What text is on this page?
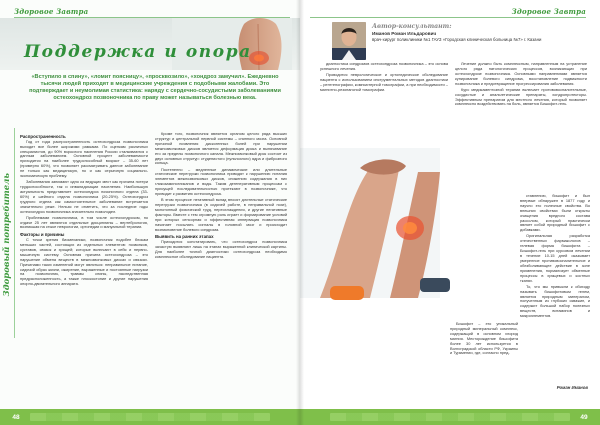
Здоровое Завтра
Поддержка и опора
«Вступило в спину», «ломит поясницу», «просквозило», «хондроз замучил». Ежедневно тысячи людей приходят в медицинские учреждения с подобными жалобами. Это подтверждает и неумолимая статистика: наряду с сердечно-сосудистыми заболеваниями остеохондроз позвоночника по праву может называться болезнью века.
Здоровый потребитель
Распространенность

Год от года распространенность остеохондроза позвоночника выходит все более широкими рамками. По оценкам различных специалистов, до 90% взрослого населения России сталкиваются с данным заболеванием. Основной процент заболеваемости приходится на наиболее трудоспособный возраст – 35-60 лет (примерно 60%), что позволяет рассматривать данное заболевание не только как медицинскую, но и как серьезную социально-экономическую проблему.

Заболевания занимают одно из ведущих мест как причина потери трудоспособности, так и инвалидизации населения. Наибольшую актуальность представляет остеохондроз поясничного отдела (33-60%) и шейного отдела позвоночника (20-25%). Остеохондроз грудного отдела как самостоятельное заболевание встречается значительно реже. Нельзя не отметить, что за последние годы остеохондроз позвоночника значительно помолодел.

Проблемами позвоночника, в том числе остеохондрозом, по отдаче 25 лет являются отдельные дисциплины – вертебрология, возникшая на стыке неврологии, ортопедии и мануальной терапии.

Факторы и причины

С точки зрения биомеханики, позвоночник подобен блокам меньших частей, состоящих из отдельных элементов: позвонков, суставов, связок и хрящей; которые включают в себя и нервно-мышечную систему. Основная причина остеохондроза – это нарушение обмена веществ в межпозвонковых дисках и связках. Причинами таких изменений могут являться: неправильное питание, сидячий образ жизни, ожирение, выраженные и постоянные нагрузки на позвоночник, травмы спины, наследственная предрасположенность, а также плоскостопие и другие нарушения опорно-двигательного аппарата.

Кроме того, позвоночник является органом целого ряда высших структур и центральной нервной системы – спинного мозга. Основной причиной появления дискогенных болей при нарушении межпозвонковых дисков является деформация диска и выпячивание его за пределы позвоночного канала. Межпозвонковый диск состоит из двух основных структур: студенистого (пульпозного) ядра и фиброзного кольца.

Постепенно – медленные динамические или длительные статические перегрузки позвоночника приводят к нарушению питания элементов межпозвонковых дисков, снижению содержания в них гликозаминогликанов и воды. Таким дегенеративным процессам с присущей последовательностью протекают в позвоночнике, что приводит к развитию остеохондроза.

В этом процессе негативный вклад вносят длительные статические перегрузки позвоночника (в сидячей работе, в неправильной позе), монотонный физический труд, переохлаждения, и другие негативные факторы. Вместе с тем огромную роль играет и формирование условий при которых сенсорная и эффективная иннервация позвоночника начинает посылать сигналы в головной мозг и происходит возникновение болевого синдрома.

Выявить на ранних этапах

Приходится констатировать, что остеохондроз позвоночника зачастую выявляют лишь на этапах выраженной клинической картины. Для наиболее точной диагностики остеохондроза необходимо комплексное обследование пациента.

48
Здоровое Завтра
Автор-консультант:
Иманов Роман Ильдарович
врач-хирург поликлиники №1 ГАУЗ «Городская клиническая больница №7» г. Казани

диагностика синдромов остеохондроза позвоночника – это основа успешного лечения.

Проводится неврологическое и ортопедическое обследование пациента с использованием инструментальных методов диагностики – рентгенографии, компьютерной томографии, а при необходимости – магнитно-резонансной томографии.

Лечение должно быть комплексным, направленным на устранение целого ряда патологических процессов, возникающих при остеохондрозе позвоночника. Основными направлениями является купирование болевого синдрома, восстановление подвижности позвоночника и предотвращение прогрессирования заболевания.

Курс медикаментозной терапии включает противовоспалительные, сосудистые и анальгетические препараты, хондропротекторы. Эффективным препаратом для местного лечения, который позволяет комплексно воздействовать на боль, является Бишофит-гель.

ставлению, бишофит и был впервые обнаружен в 1877 году и научно его полезные свойства. Во внешних свойствах были открыты очищения вредного состава рассолом, который практически являет собой природный бишофит с добавками.

Оригинальная разработка отечественных фармакологов – гелевая форма бишофита – Бишофит-гель при курсовом лечении в течение 10-15 дней оказывает умеренное противовоспалительное и обезболивающее действие в зоне применения, нормализует обменные процессы в хрящевых и костных тканях.

То, что мы привыкли к обиходу называть бишофитовым гелем, является природным минералом, полученным из глубоких скважин, и содержит большой набор полезных веществ, витаминов и микроэлементов.

Бишофит – это уникальный природный минеральный комплекс, содержащий в основном хлорид магния. Месторождение бишофита более 30 лет используется в Волгоградской области РФ, Украины и Туркмении, где, согласно пред-

Роман Иманов
49
